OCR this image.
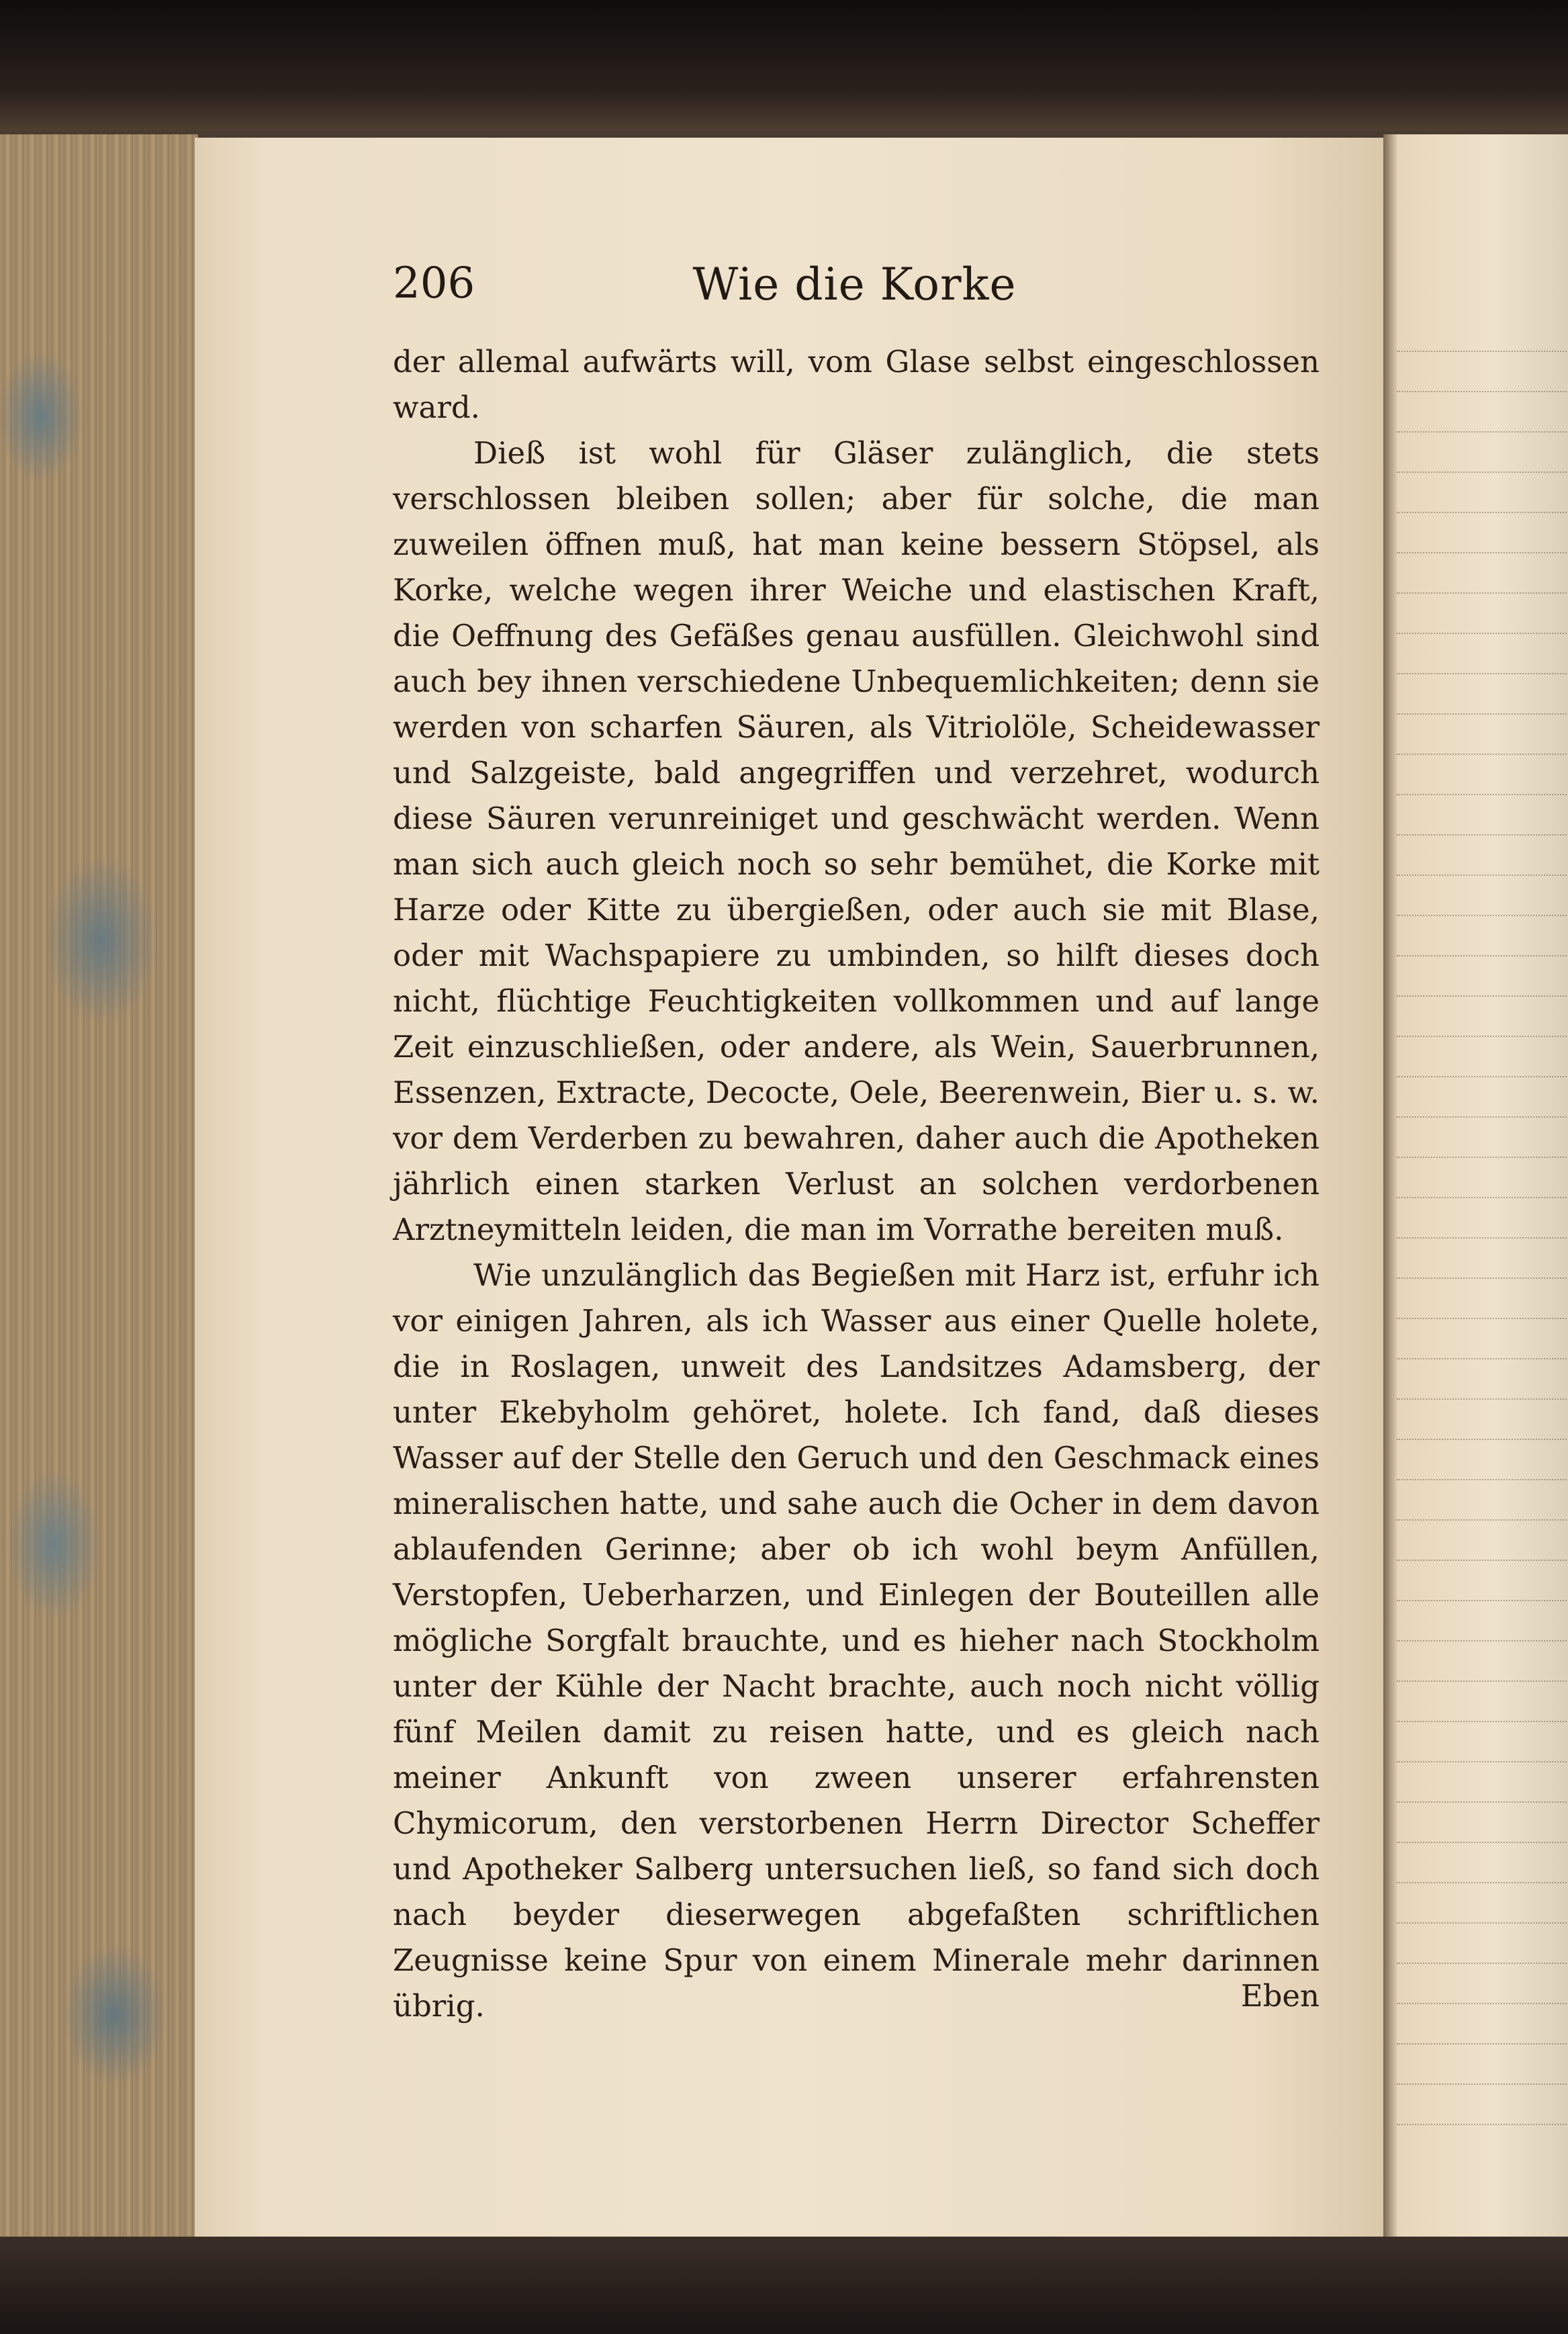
206	Wie die Korke

der allemal aufwärts will, vom Glase selbst eingeschlossen ward.

Dieß ist wohl für Gläser zulänglich, die stets verschlossen bleiben sollen; aber für solche, die man zuweilen öffnen muß, hat man keine bessern Stöpsel, als Korke, welche wegen ihrer Weiche und elastischen Kraft, die Oeffnung des Gefäßes genau ausfüllen. Gleichwohl sind auch bey ihnen verschiedene Unbequemlichkeiten; denn sie werden von scharfen Säuren, als Vitriolöle, Scheidewasser und Salzgeiste, bald angegriffen und verzehret, wodurch diese Säuren verunreiniget und geschwächt werden. Wenn man sich auch gleich noch so sehr bemühet, die Korke mit Harze oder Kitte zu übergießen, oder auch sie mit Blase, oder mit Wachspapiere zu umbinden, so hilft dieses doch nicht, flüchtige Feuchtigkeiten vollkommen und auf lange Zeit einzuschließen, oder andere, als Wein, Sauerbrunnen, Essenzen, Extracte, Decocte, Oele, Beerenwein, Bier u. s. w. vor dem Verderben zu bewahren, daher auch die Apotheken jährlich einen starken Verlust an solchen verdorbenen Arztneymitteln leiden, die man im Vorrathe bereiten muß.

Wie unzulänglich das Begießen mit Harz ist, erfuhr ich vor einigen Jahren, als ich Wasser aus einer Quelle holete, die in Roslagen, unweit des Landsitzes Adamsberg, der unter Ekebyholm gehöret, holete. Ich fand, daß dieses Wasser auf der Stelle den Geruch und den Geschmack eines mineralischen hatte, und sahe auch die Ocher in dem davon ablaufenden Gerinne; aber ob ich wohl beym Anfüllen, Verstopfen, Ueberharzen, und Einlegen der Bouteillen alle mögliche Sorgfalt brauchte, und es hieher nach Stockholm unter der Kühle der Nacht brachte, auch noch nicht völlig fünf Meilen damit zu reisen hatte, und es gleich nach meiner Ankunft von zween unserer erfahrensten Chymicorum, den verstorbenen Herrn Director Scheffer und Apotheker Salberg untersuchen ließ, so fand sich doch nach beyder dieserwegen abgefaßten schriftlichen Zeugnisse keine Spur von einem Minerale mehr darinnen übrig.	Eben
